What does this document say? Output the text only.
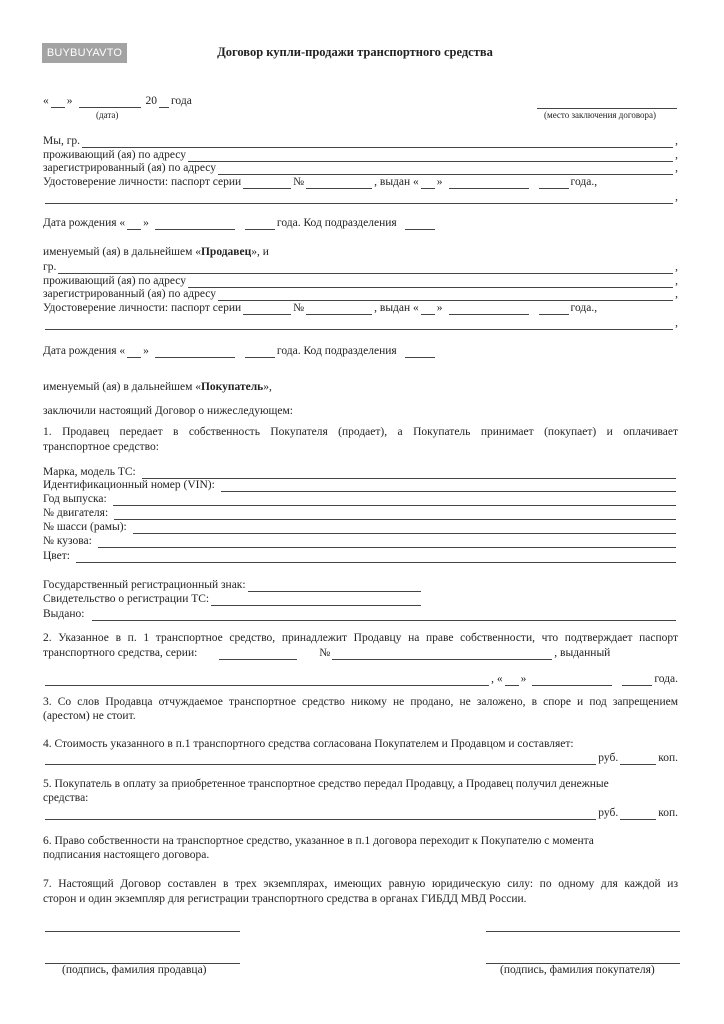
BUYBUYAVTO	Договор купли-продажи транспортного средства
« »	20 года
(дата)	(место заключения договора)
Мы, гр.	,
проживающий (ая) по адресу	,
зарегистрированный (ая) по адресу	,
Удостоверение личности: паспорт серии	№	, выдан « »	года.,
,
Дата рождения « »	года. Код подразделения
именуемый (ая) в дальнейшем « Продавец », и
гр.	,
проживающий (ая) по адресу	,
зарегистрированный (ая) по адресу	,
Удостоверение личности: паспорт серии	№	, выдан « »	года.,
,
Дата рождения « »	года. Код подразделения
именуемый (ая) в дальнейшем « Покупатель »,
заключили настоящий Договор о нижеследующем:
1. Продавец передает в собственность Покупателя (продает), а Покупатель принимает (покупает) и оплачивает
транспортное средство:
Марка, модель ТС:
Идентификационный номер (VIN):
Год выпуска:
№ двигателя:
№ шасси (рамы):
№ кузова:
Цвет:
Государственный регистрационный знак:
Свидетельство о регистрации ТС:
Выдано:
2. Указанное в п. 1 транспортное средство, принадлежит Продавцу на праве собственности, что подтверждает паспорт
транспортного средства, серии:	№	, выданный
, « »	года.
3. Со слов Продавца отчуждаемое транспортное средство никому не продано, не заложено, в споре и под запрещением
(арестом) не стоит.
4. Стоимость указанного в п.1 транспортного средства согласована Покупателем и Продавцом и составляет:
руб.	коп.
5. Покупатель в оплату за приобретенное транспортное средство передал Продавцу, а Продавец получил денежные
средства:
руб.	коп.
6. Право собственности на транспортное средство, указанное в п.1 договора переходит к Покупателю с момента
подписания настоящего договора.
7. Настоящий Договор составлен в трех экземплярах, имеющих равную юридическую силу: по одному для каждой из
сторон и один экземпляр для регистрации транспортного средства в органах ГИБДД МВД России.
(подпись, фамилия продавца)	(подпись, фамилия покупателя)
